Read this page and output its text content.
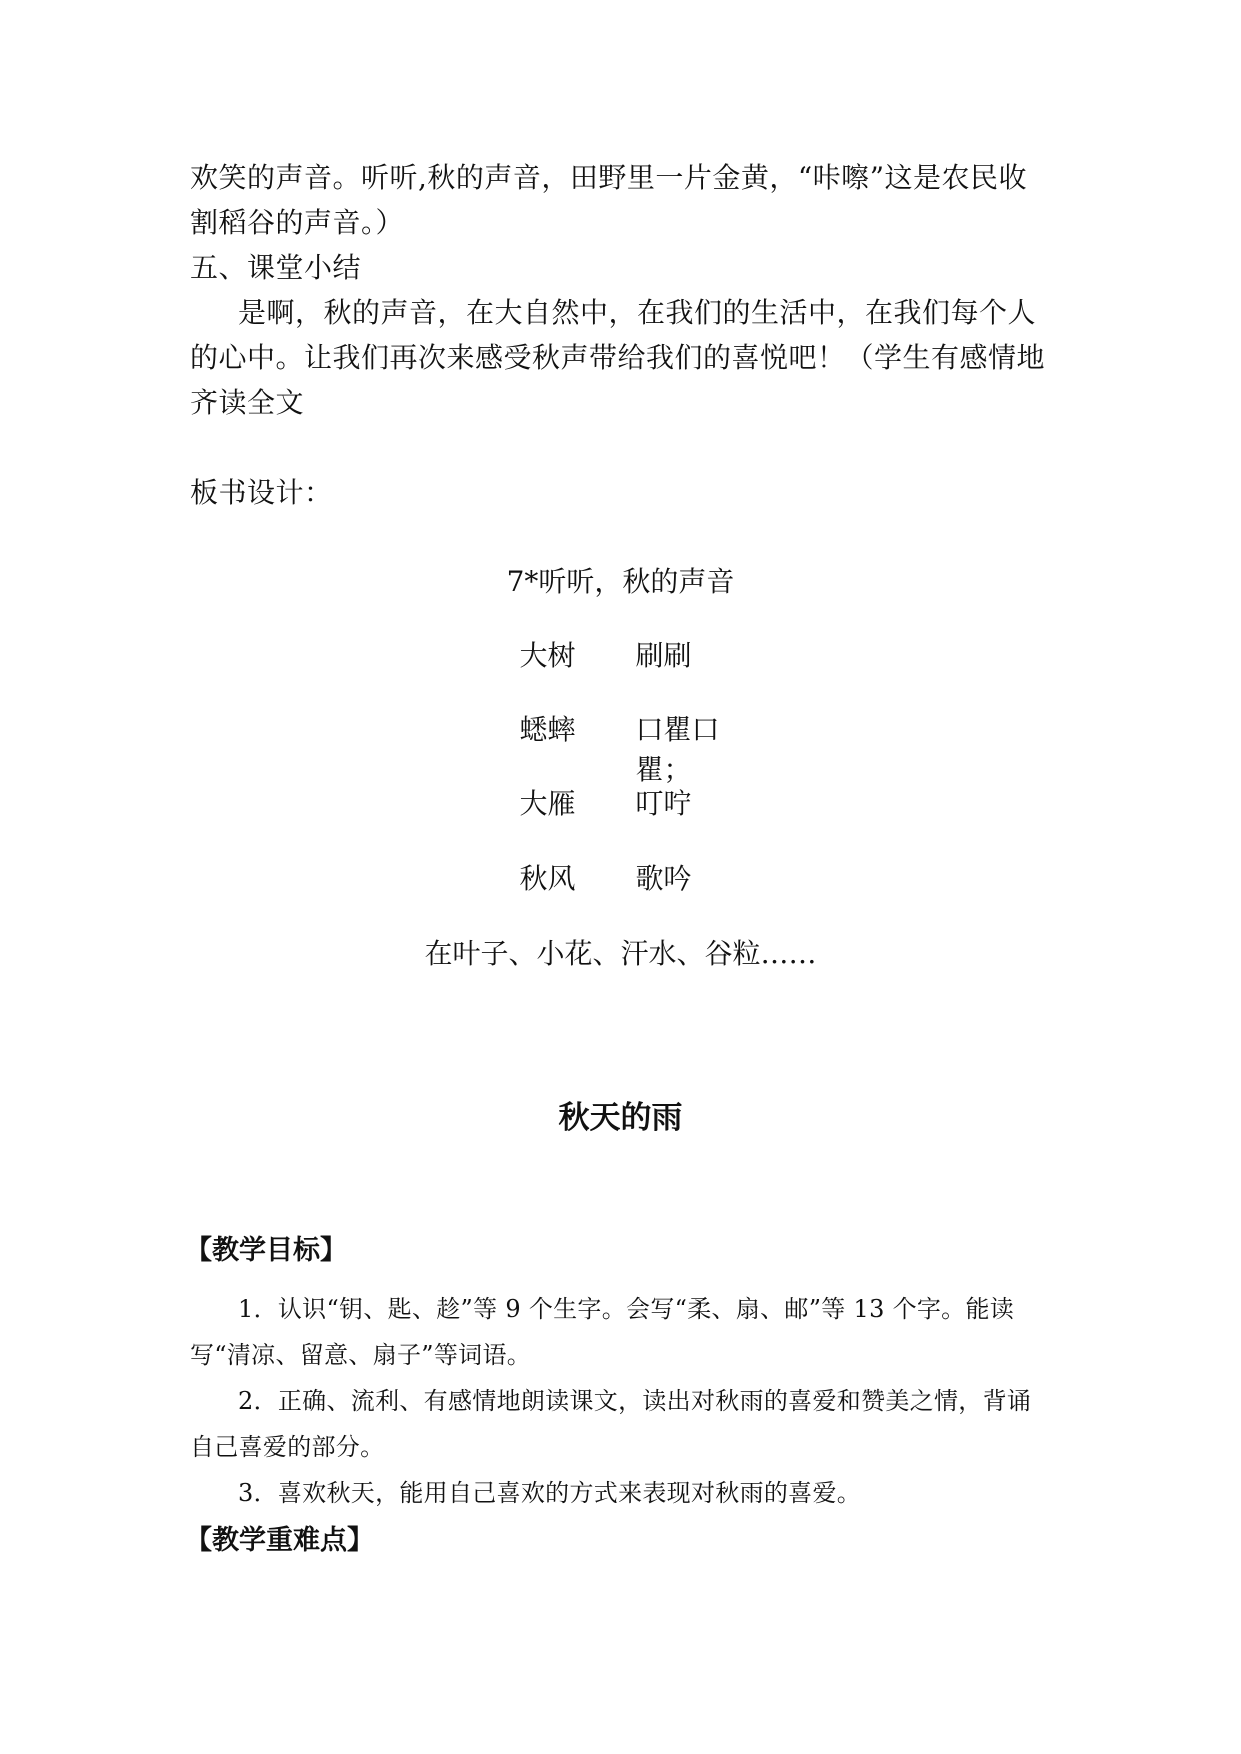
欢笑的声音。听听,秋的声音，田野里一片金黄，“咔嚓”这是农民收
割稻谷的声音。）
五、课堂小结
是啊，秋的声音，在大自然中，在我们的生活中，在我们每个人
的心中。让我们再次来感受秋声带给我们的喜悦吧！（学生有感情地
齐读全文
板书设计：
7*听听，秋的声音
大树 刷刷
蟋蟀 口瞿口瞿；
大雁 叮咛
秋风 歌吟
在叶子、小花、汗水、谷粒……
秋天的雨
【教学目标】
1．认识“钥、匙、趁”等 9 个生字。会写“柔、扇、邮”等 13 个字。能读
写“清凉、留意、扇子”等词语。
2．正确、流利、有感情地朗读课文，读出对秋雨的喜爱和赞美之情，背诵
自己喜爱的部分。
3．喜欢秋天，能用自己喜欢的方式来表现对秋雨的喜爱。
【教学重难点】
